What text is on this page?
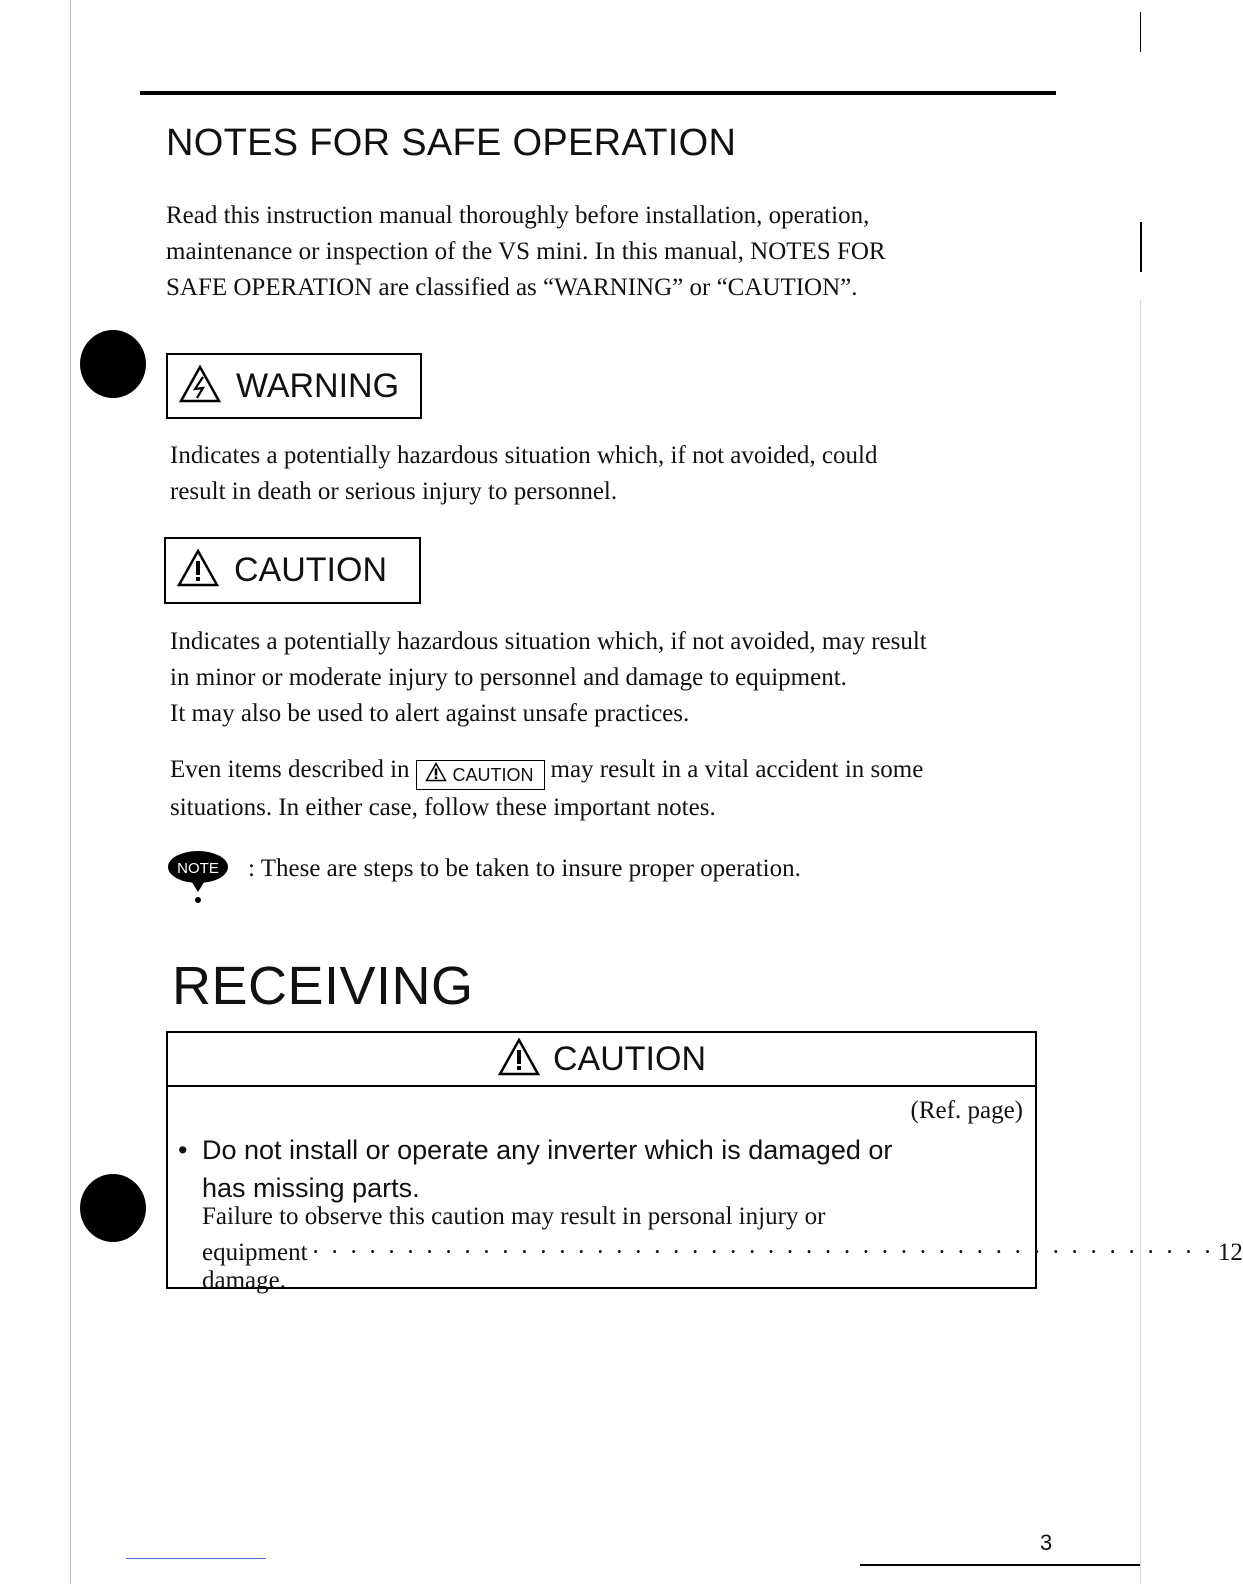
NOTES FOR SAFE OPERATION
Read this instruction manual thoroughly before installation, operation,
maintenance or inspection of the VS mini. In this manual, NOTES FOR
SAFE OPERATION are classified as “WARNING” or “CAUTION”.
WARNING
Indicates a potentially hazardous situation which, if not avoided, could
result in death or serious injury to personnel.
CAUTION
Indicates a potentially hazardous situation which, if not avoided, may result
in minor or moderate injury to personnel and damage to equipment.
It may also be used to alert against unsafe practices.
Even items described in CAUTION may result in a vital accident in some
situations. In either case, follow these important notes.
NOTE : These are steps to be taken to insure proper operation.
RECEIVING
CAUTION
(Ref. page)
• Do not install or operate any inverter which is damaged or
has missing parts.
Failure to observe this caution may result in personal injury or
equipment damage.
· · · · · · · · · · · · · · · · · · · · · · · · · · · · · · · · · · · · · · · · · · · · · · · · 12
3
